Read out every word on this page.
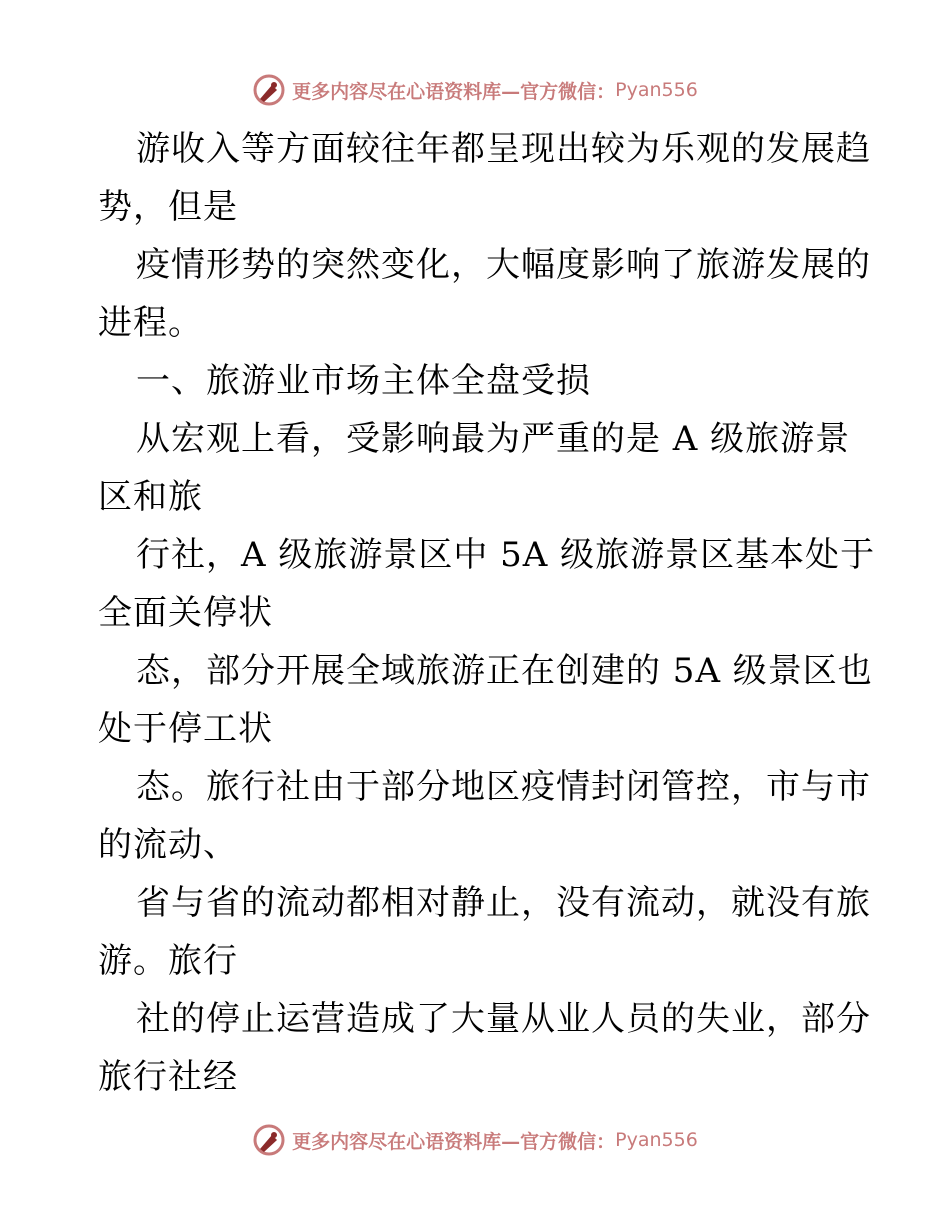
更多内容尽在心语资料库—官方微信： Pyan556
游收入等方面较往年都呈现出较为乐观的发展趋
势，但是
疫情形势的突然变化，大幅度影响了旅游发展的
进程。
一、旅游业市场主体全盘受损
从宏观上看，受影响最为严重的是 A 级旅游景
区和旅
行社，A 级旅游景区中 5A 级旅游景区基本处于
全面关停状
态，部分开展全域旅游正在创建的 5A 级景区也
处于停工状
态。旅行社由于部分地区疫情封闭管控，市与市
的流动、
省与省的流动都相对静止，没有流动，就没有旅
游。旅行
社的停止运营造成了大量从业人员的失业，部分
旅行社经
更多内容尽在心语资料库—官方微信： Pyan556
